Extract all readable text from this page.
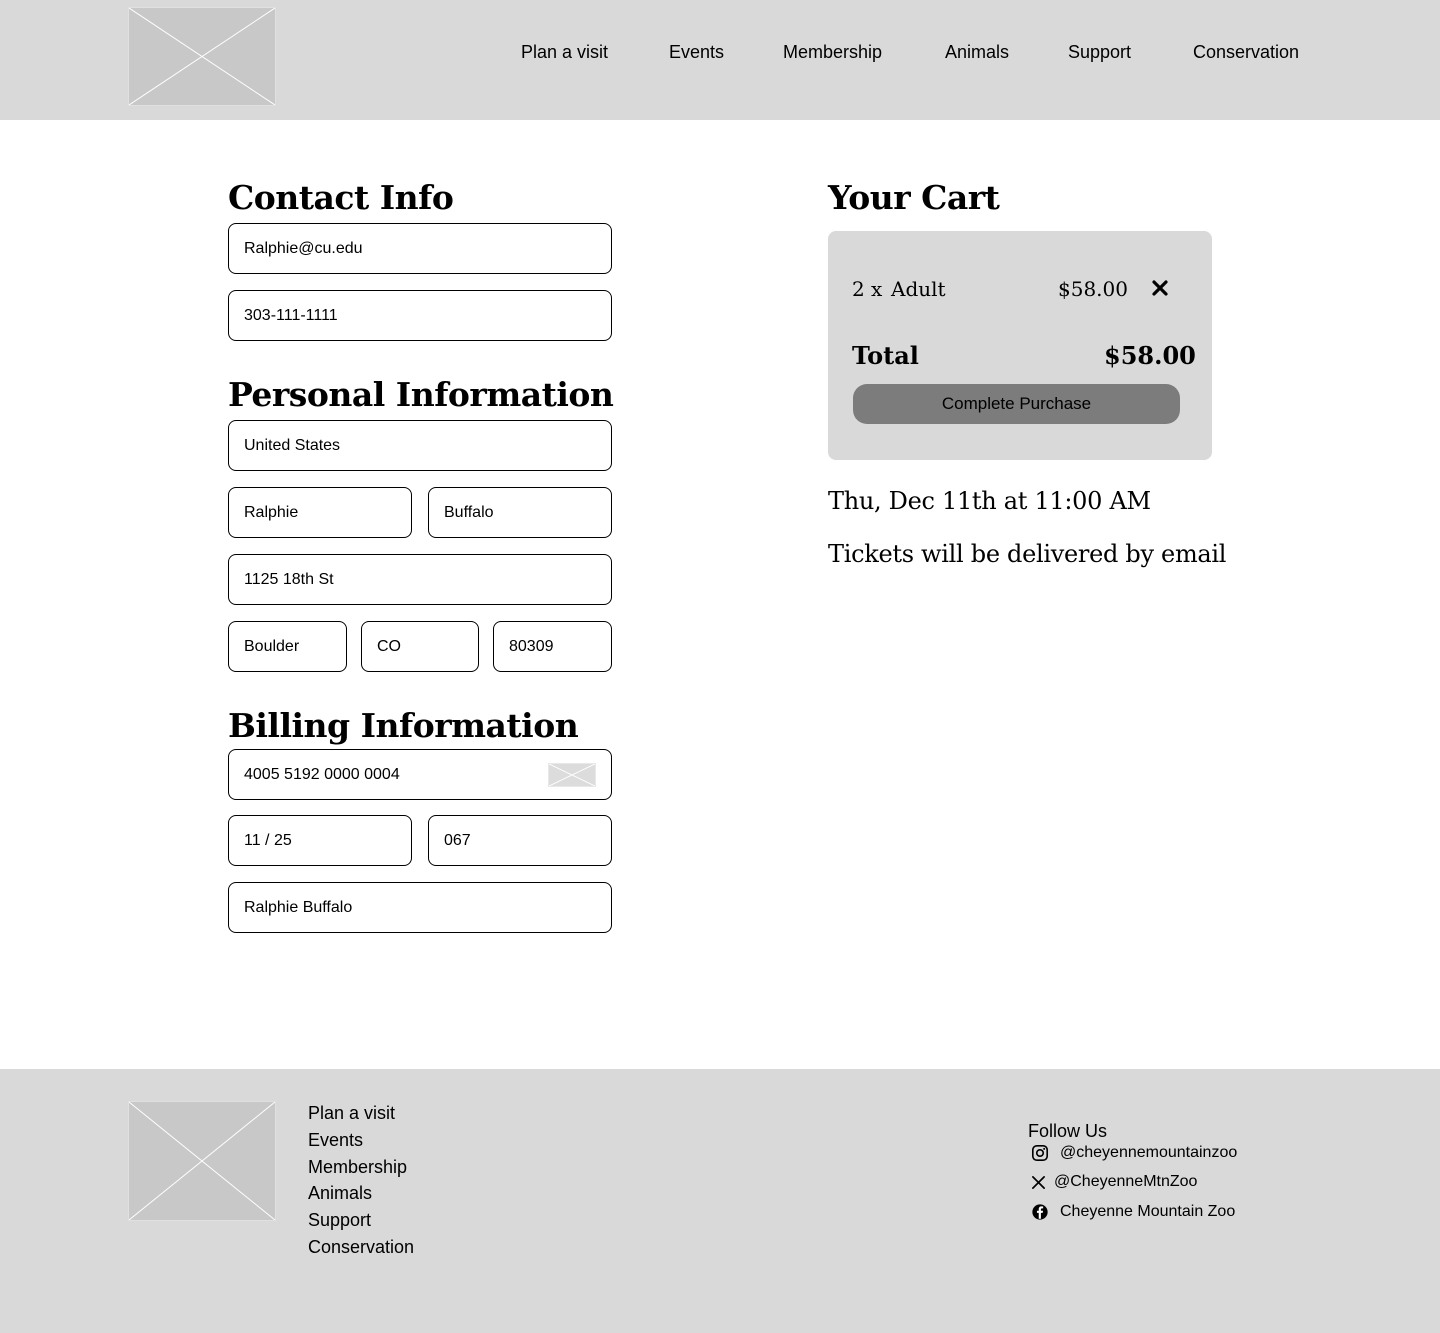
Plan a visit	Events	Membership	Animals	Support	Conservation
Contact Info
Ralphie@cu.edu
303-111-1111
Personal Information
United States
Ralphie
Buffalo
1125 18th St
Boulder
CO
80309
Billing Information
4005 5192 0000 0004
11 / 25
067
Ralphie Buffalo
Your Cart
2 x Adult	$58.00
Total	$58.00
Complete Purchase

Thu, Dec 11th at 11:00 AM

Tickets will be delivered by email

Plan a visit
Events
Membership
Animals
Support
Conservation
Follow Us
@cheyennemountainzoo
@CheyenneMtnZoo
Cheyenne Mountain Zoo
